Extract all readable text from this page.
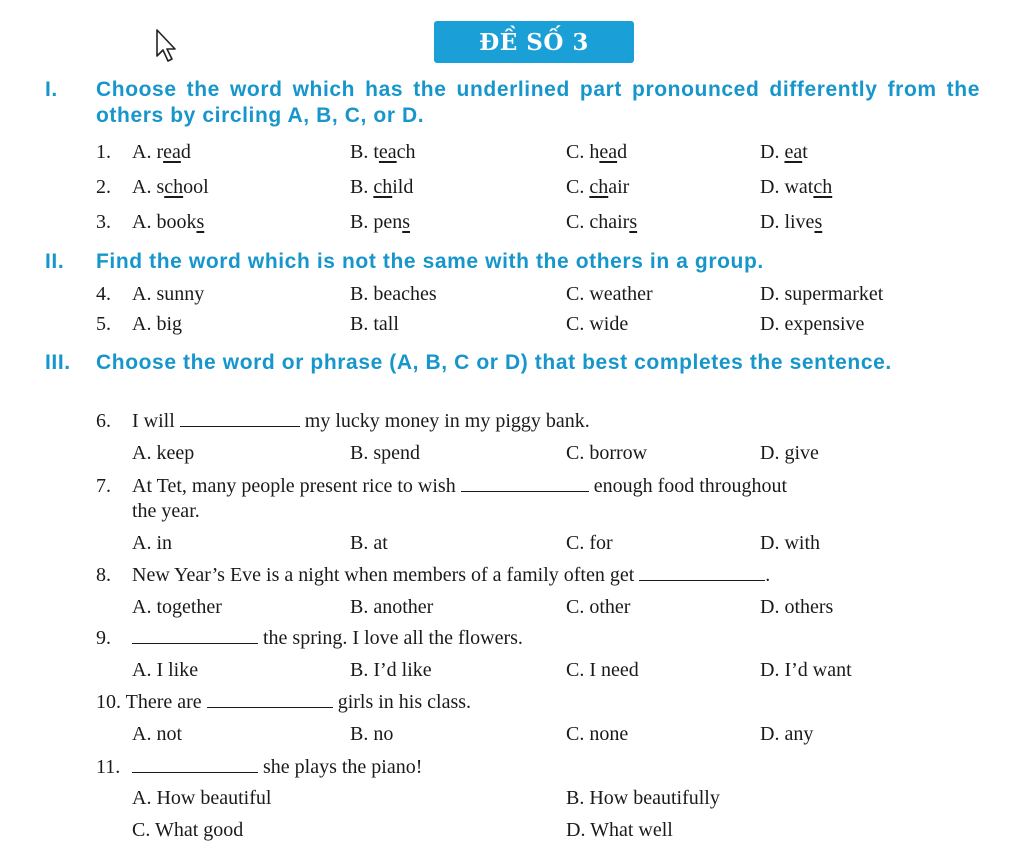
ĐỀ SỐ 3
I. Choose the word which has the underlined part pronounced differently from the others by circling A, B, C, or D.
1. A. read	B. teach	C. head	D. eat
2. A. school	B. child	C. chair	D. watch
3. A. books	B. pens	C. chairs	D. lives
II. Find the word which is not the same with the others in a group.
4. A. sunny	B. beaches	C. weather	D. supermarket
5. A. big	B. tall	C. wide	D. expensive
III. Choose the word or phrase (A, B, C or D) that best completes the sentence.
6. I will	my lucky money in my piggy bank.
A. keep	B. spend	C. borrow	D. give
7. At Tet, many people present rice to wish	enough food throughout
the year.
A. in	B. at	C. for	D. with
8. New Year’s Eve is a night when members of a family often get	.
A. together	B. another	C. other	D. others
9.	the spring. I love all the flowers.
A. I like	B. I’d like	C. I need	D. I’d want
10. There are	girls in his class.
A. not	B. no	C. none	D. any
11.	she plays the piano!
A. How beautiful	B. How beautifully
C. What good	D. What well
